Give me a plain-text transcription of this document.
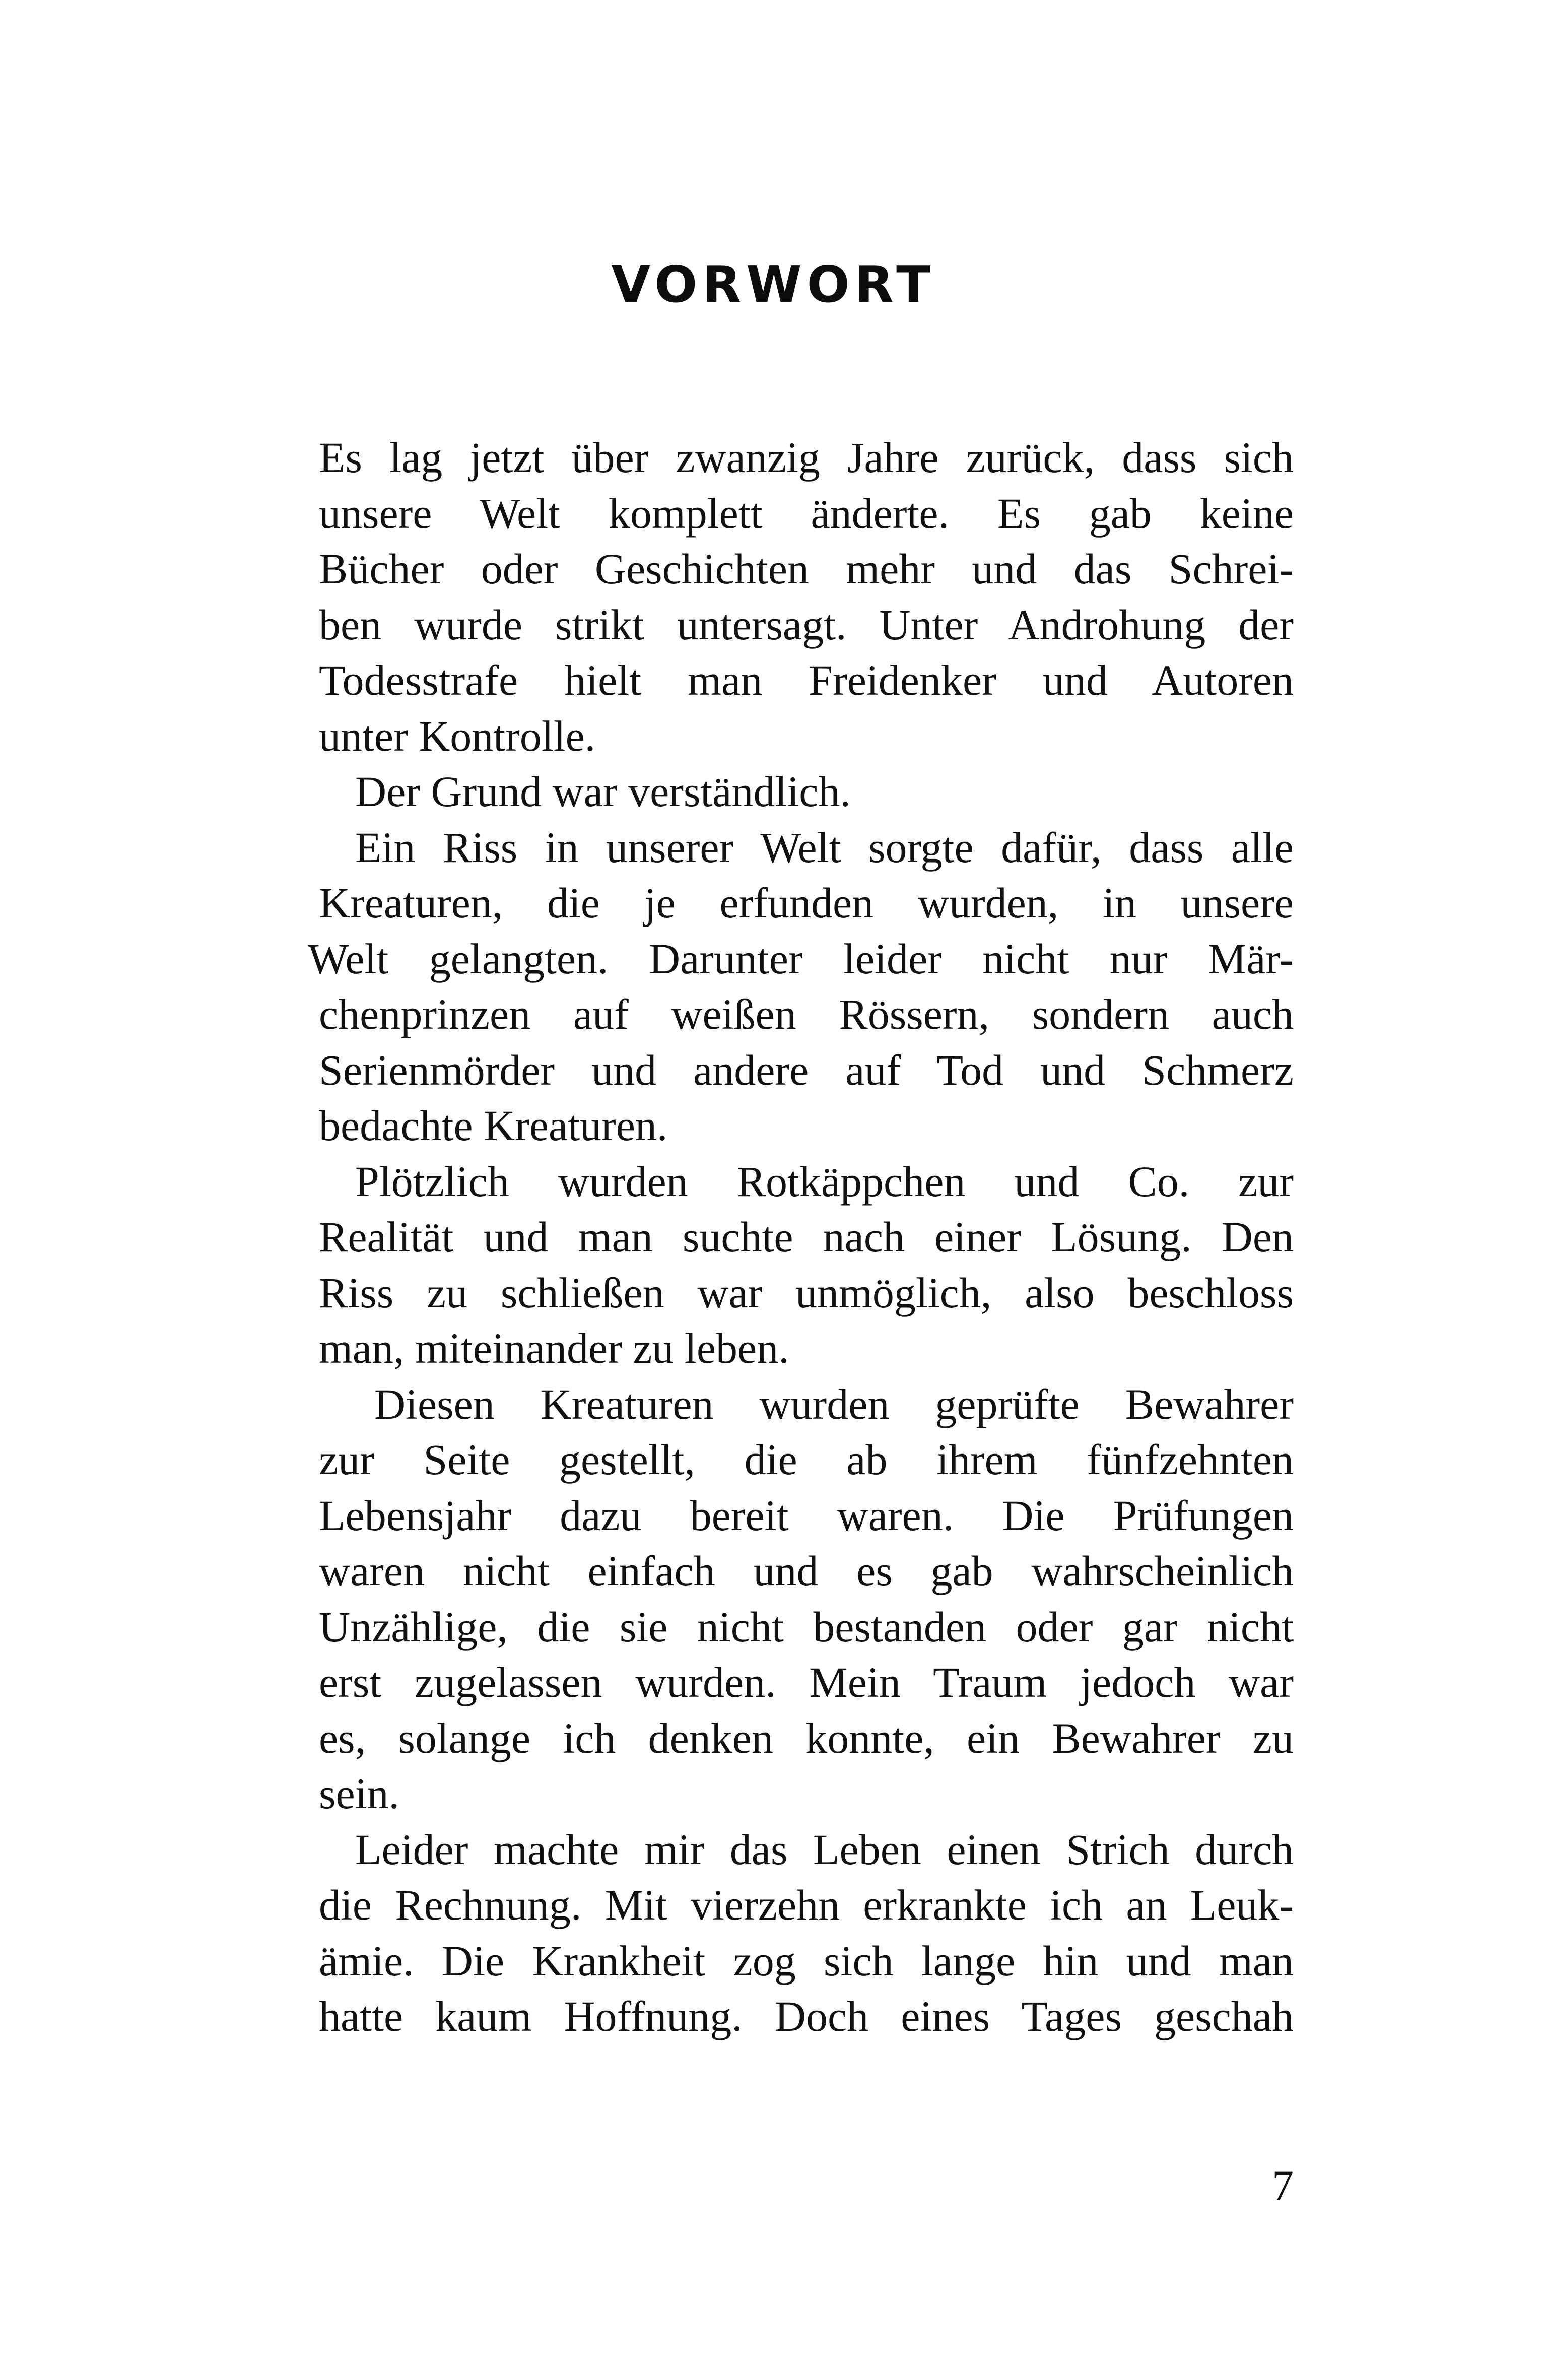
VORWORT
Es lag jetzt über zwanzig Jahre zurück, dass sich
unsere Welt komplett änderte. Es gab keine
Bücher oder Geschichten mehr und das Schrei-
ben wurde strikt untersagt. Unter Androhung der
Todesstrafe hielt man Freidenker und Autoren
unter Kontrolle.
Der Grund war verständlich.
Ein Riss in unserer Welt sorgte dafür, dass alle
Kreaturen, die je erfunden wurden, in unsere
Welt gelangten. Darunter leider nicht nur Mär-
chenprinzen auf weißen Rössern, sondern auch
Serienmörder und andere auf Tod und Schmerz
bedachte Kreaturen.
Plötzlich wurden Rotkäppchen und Co. zur
Realität und man suchte nach einer Lösung. Den
Riss zu schließen war unmöglich, also beschloss
man, miteinander zu leben.
Diesen Kreaturen wurden geprüfte Bewahrer
zur Seite gestellt, die ab ihrem fünfzehnten
Lebensjahr dazu bereit waren. Die Prüfungen
waren nicht einfach und es gab wahrscheinlich
Unzählige, die sie nicht bestanden oder gar nicht
erst zugelassen wurden. Mein Traum jedoch war
es, solange ich denken konnte, ein Bewahrer zu
sein.
Leider machte mir das Leben einen Strich durch
die Rechnung. Mit vierzehn erkrankte ich an Leuk-
ämie. Die Krankheit zog sich lange hin und man
hatte kaum Hoffnung. Doch eines Tages geschah
7
